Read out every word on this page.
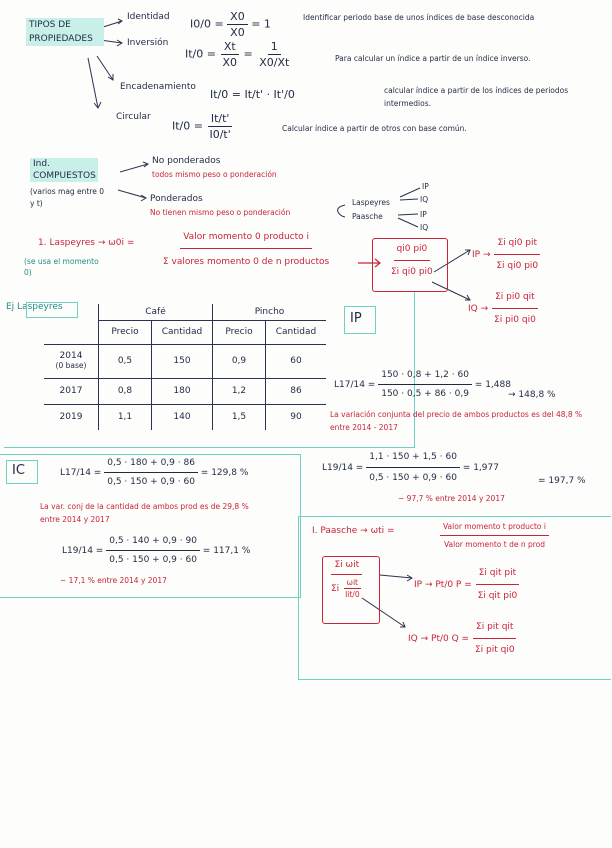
TIPOS DE PROPIEDADES
Identidad
$I0/0 = \frac{X0}{X0} = 1$	Identificar periodo base de unos índices de base desconocida
Inversión
$It/0 = \frac{Xt}{X0} = \frac{1}{X0/Xt}$	Para calcular un índice a partir de un índice inverso.
Encadenamiento
It/0 = It/t' · It'/0	calcular índice a partir de los índices de periodos intermedios.
Circular
$It/0 = \frac{It/t'}{I0/t'}$	Calcular índice a partir de otros con base común.
Ind. COMPUESTOS
(varios mag entre 0 y t)
No ponderados
todos mismo peso o ponderación
Ponderados
No tienen mismo peso o ponderación
Laspeyres
Paasche
IP
IQ
IP
IQ
1. Laspeyres → ω0i =	$\frac{\text{Valor momento 0 producto i}}{\text{Σ valores momento 0 de n productos}}$
(se usa el momento 0)	$\frac{qi0 pi0}{\text{Σi qi0 pi0}}$	IP → $\frac{\text{Σi qi0 pit}}{\text{Σi qi0 pi0}}$
IQ → $\frac{\text{Σi pi0 qit}}{\text{Σi pi0 qi0}}$
Ej Laspeyres
		Café		Pincho	
	Precio	Cantidad	Precio	Cantidad
2014
(0 base)	0,5	150	0,9	60
2017	0,8	180	1,2	86
2019	1,1	140	1,5	90
IP
$L17/14 = \frac{150 \cdot 0,8 + 1,2 \cdot 60}{150 \cdot 0,5 + 86 \cdot 0,9} = 1,488$
→ 148,8 %
La variación conjunta del precio de ambos productos es del 48,8 % entre 2014 - 2017
$L19/14 = \frac{1,1 \cdot 150 + 1,5 \cdot 60}{0,5 \cdot 150 + 0,9 \cdot 60} = 1,977$
= 197,7 %
~ 97,7 % entre 2014 y 2017
IC	$L17/14 = \frac{0,5 \cdot 180 + 0,9 \cdot 86}{0,5 \cdot 150 + 0,9 \cdot 60} = 129,8$ %
La var. conj de la cantidad de ambos prod es de 29,8 % entre 2014 y 2017
$L19/14 = \frac{0,5 \cdot 140 + 0,9 \cdot 90}{0,5 \cdot 150 + 0,9 \cdot 60} = 117,1$ %
~ 17,1 % entre 2014 y 2017
I. Paasche → ωti =	$\frac{\text{Valor momento t producto i}}{\text{Valor momento t de n prod}}$
$\frac{\text{Σi ωit}}{\Sigma i \frac{\text{ωit}}{\text{Iit/0}}}$	IP → Pt/0 $P = \frac{\text{Σi qit pit}}{\text{Σi qit pi0}}$
IQ → Pt/0 $Q = \frac{\text{Σi pit qit}}{\text{Σi pit qi0}}$
